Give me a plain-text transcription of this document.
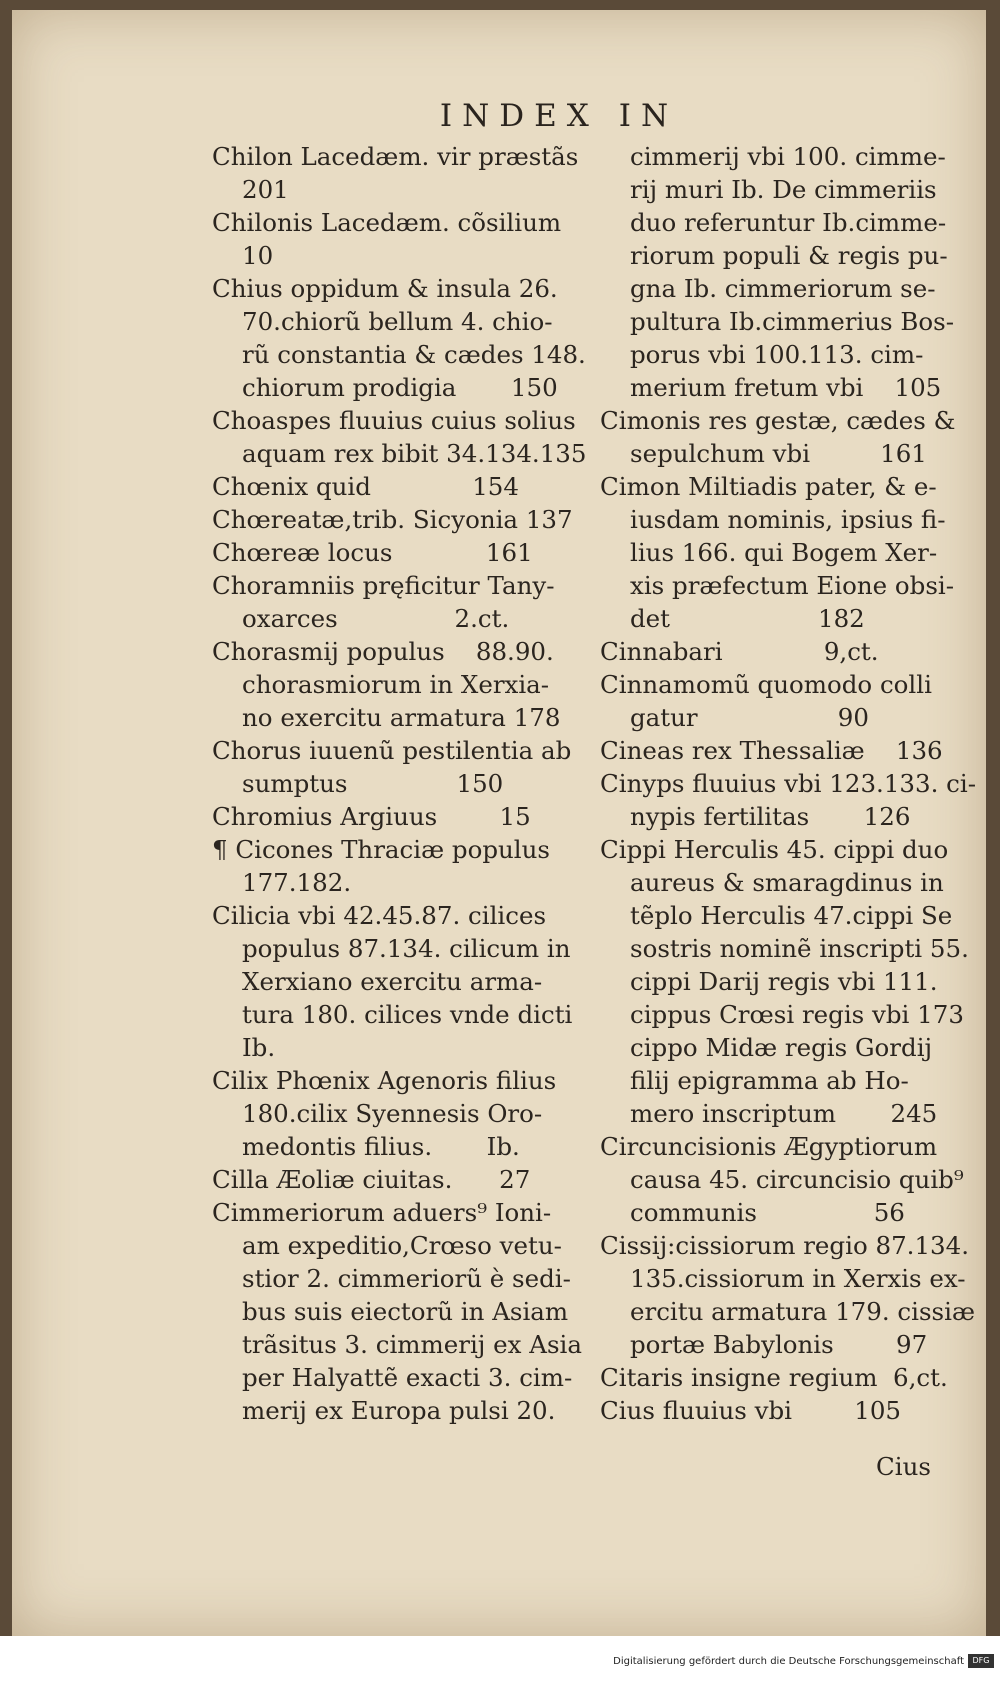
INDEX IN
Chilon Lacedæm. vir præstãs
201
Chilonis Lacedæm. cõsilium
10
Chius oppidum & insula 26.
70.chiorũ bellum 4. chio-
rũ constantia & cædes 148.
chiorum prodigia       150
Choaspes fluuius cuius solius
aquam rex bibit 34.134.135
Chœnix quid             154
Chœreatæ,trib. Sicyonia 137
Chœreæ locus            161
Choramniis pręficitur Tany-
oxarces               2.ct.
Chorasmij populus    88.90.
chorasmiorum in Xerxia-
no exercitu armatura 178
Chorus iuuenũ pestilentia ab
sumptus              150
Chromius Argiuus        15
¶ Cicones Thraciæ populus
177.182.
Cilicia vbi 42.45.87. cilices
populus 87.134. cilicum in
Xerxiano exercitu arma-
tura 180. cilices vnde dicti
Ib.
Cilix Phœnix Agenoris filius
180.cilix Syennesis Oro-
medontis filius.       Ib.
Cilla Æoliæ ciuitas.      27
Cimmeriorum aduers⁹ Ioni-
am expeditio,Crœso vetu-
stior 2. cimmeriorũ è sedi-
bus suis eiectorũ in Asiam
trãsitus 3. cimmerij ex Asia
per Halyattẽ exacti 3. cim-
merij ex Europa pulsi 20.
cimmerij vbi 100. cimme-
rij muri Ib. De cimmeriis
duo referuntur Ib.cimme-
riorum populi & regis pu-
gna Ib. cimmeriorum se-
pultura Ib.cimmerius Bos-
porus vbi 100.113. cim-
merium fretum vbi    105
Cimonis res gestæ, cædes &
sepulchum vbi         161
Cimon Miltiadis pater, & e-
iusdam nominis, ipsius fi-
lius 166. qui Bogem Xer-
xis præfectum Eione obsi-
det                   182
Cinnabari             9,ct.
Cinnamomũ quomodo colli
gatur                  90
Cineas rex Thessaliæ    136
Cinyps fluuius vbi 123.133. ci-
nypis fertilitas       126
Cippi Herculis 45. cippi duo
aureus & smaragdinus in
tẽplo Herculis 47.cippi Se
sostris nominẽ inscripti 55.
cippi Darij regis vbi 111.
cippus Crœsi regis vbi 173
cippo Midæ regis Gordij
filij epigramma ab Ho-
mero inscriptum       245
Circuncisionis Ægyptiorum
causa 45. circuncisio quib⁹
communis               56
Cissij:cissiorum regio 87.134.
135.cissiorum in Xerxis ex-
ercitu armatura 179. cissiæ
portæ Babylonis        97
Citaris insigne regium  6,ct.
Cius fluuius vbi        105
Cius
Digitalisierung gefördert durch die Deutsche Forschungsgemeinschaft	DFG
